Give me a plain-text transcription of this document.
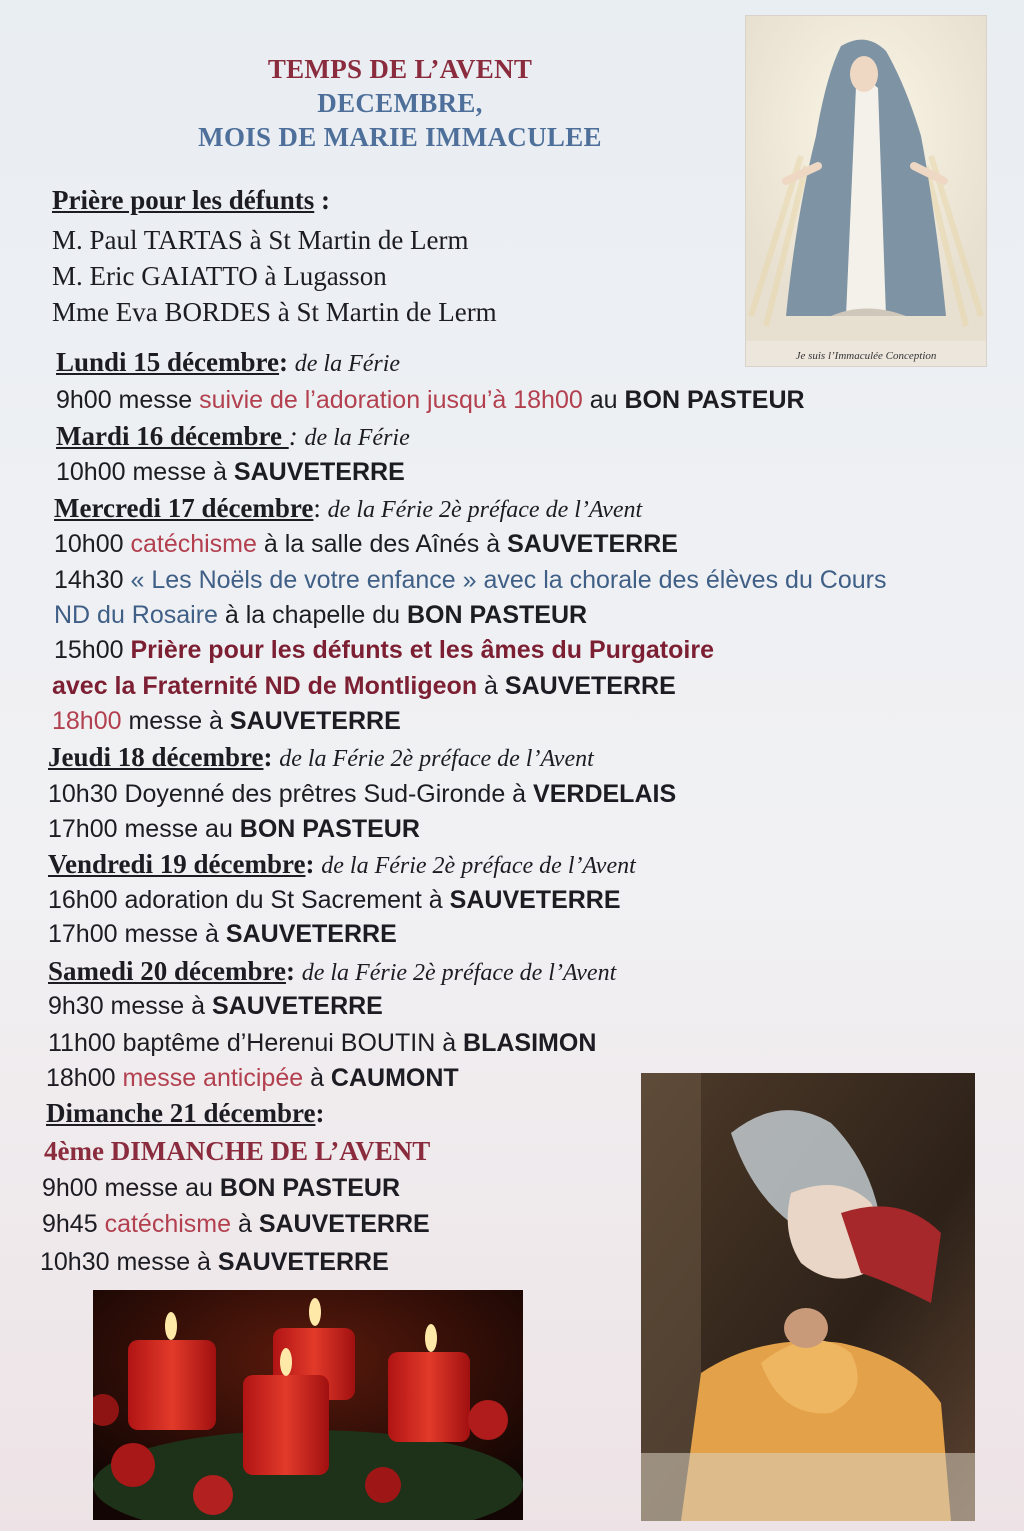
TEMPS DE L’AVENT
DECEMBRE,
MOIS DE MARIE IMMACULEE
Je suis l’Immaculée Conception
Prière pour les défunts :
M. Paul TARTAS à St Martin de Lerm
M. Eric GAIATTO à Lugasson
Mme Eva BORDES à St Martin de Lerm
Lundi 15 décembre: de la Férie
9h00 messe suivie de l’adoration jusqu’à 18h00 au BON PASTEUR
Mardi 16 décembre : de la Férie
10h00 messe à SAUVETERRE
Mercredi 17 décembre: de la Férie 2è préface de l’Avent
10h00 catéchisme à la salle des Aînés à SAUVETERRE
14h30 « Les Noëls de votre enfance » avec la chorale des élèves du Cours
ND du Rosaire à la chapelle du BON PASTEUR
15h00 Prière pour les défunts et les âmes du Purgatoire
avec la Fraternité ND de Montligeon à SAUVETERRE
18h00 messe à SAUVETERRE
Jeudi 18 décembre: de la Férie 2è préface de l’Avent
10h30 Doyenné des prêtres Sud-Gironde à VERDELAIS
17h00 messe au BON PASTEUR
Vendredi 19 décembre: de la Férie 2è préface de l’Avent
16h00 adoration du St Sacrement à SAUVETERRE
17h00 messe à SAUVETERRE
Samedi 20 décembre: de la Férie 2è préface de l’Avent
9h30 messe à SAUVETERRE
11h00 baptême d’Herenui BOUTIN à BLASIMON
18h00 messe anticipée à CAUMONT
Dimanche 21 décembre:
4ème DIMANCHE DE L’AVENT
9h00 messe au BON PASTEUR
9h45 catéchisme à SAUVETERRE
10h30 messe à SAUVETERRE
